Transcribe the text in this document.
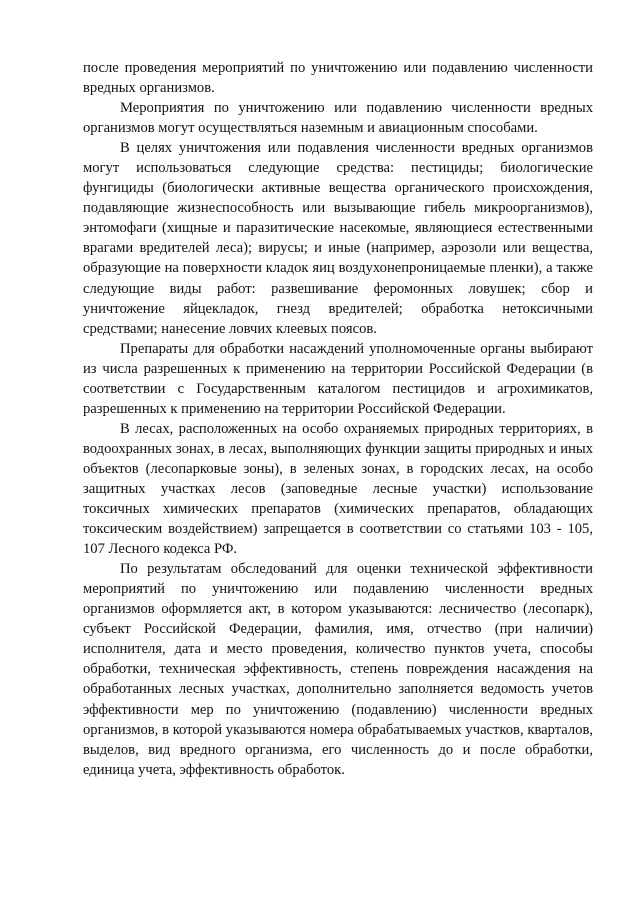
после проведения мероприятий по уничтожению или подавлению численности вредных организмов.

Мероприятия по уничтожению или подавлению численности вредных организмов могут осуществляться наземным и авиационным способами.

В целях уничтожения или подавления численности вредных организмов могут использоваться следующие средства: пестициды; биологические фунгициды (биологически активные вещества органического происхождения, подавляющие жизнеспособность или вызывающие гибель микроорганизмов), энтомофаги (хищные и паразитические насекомые, являющиеся естественными врагами вредителей леса); вирусы; и иные (например, аэрозоли или вещества, образующие на поверхности кладок яиц воздухонепроницаемые пленки), а также следующие виды работ: развешивание феромонных ловушек; сбор и уничтожение яйцекладок, гнезд вредителей; обработка нетоксичными средствами; нанесение ловчих клеевых поясов.

Препараты для обработки насаждений уполномоченные органы выбирают из числа разрешенных к применению на территории Российской Федерации (в соответствии с Государственным каталогом пестицидов и агрохимикатов, разрешенных к применению на территории Российской Федерации.

В лесах, расположенных на особо охраняемых природных территориях, в водоохранных зонах, в лесах, выполняющих функции защиты природных и иных объектов (лесопарковые зоны), в зеленых зонах, в городских лесах, на особо защитных участках лесов (заповедные лесные участки) использование токсичных химических препаратов (химических препаратов, обладающих токсическим воздействием) запрещается в соответствии со статьями 103 - 105, 107 Лесного кодекса РФ.

По результатам обследований для оценки технической эффективности мероприятий по уничтожению или подавлению численности вредных организмов оформляется акт, в котором указываются: лесничество (лесопарк), субъект Российской Федерации, фамилия, имя, отчество (при наличии) исполнителя, дата и место проведения, количество пунктов учета, способы обработки, техническая эффективность, степень повреждения насаждения на обработанных лесных участках, дополнительно заполняется ведомость учетов эффективности мер по уничтожению (подавлению) численности вредных организмов, в которой указываются номера обрабатываемых участков, кварталов, выделов, вид вредного организма, его численность до и после обработки, единица учета, эффективность обработок.
